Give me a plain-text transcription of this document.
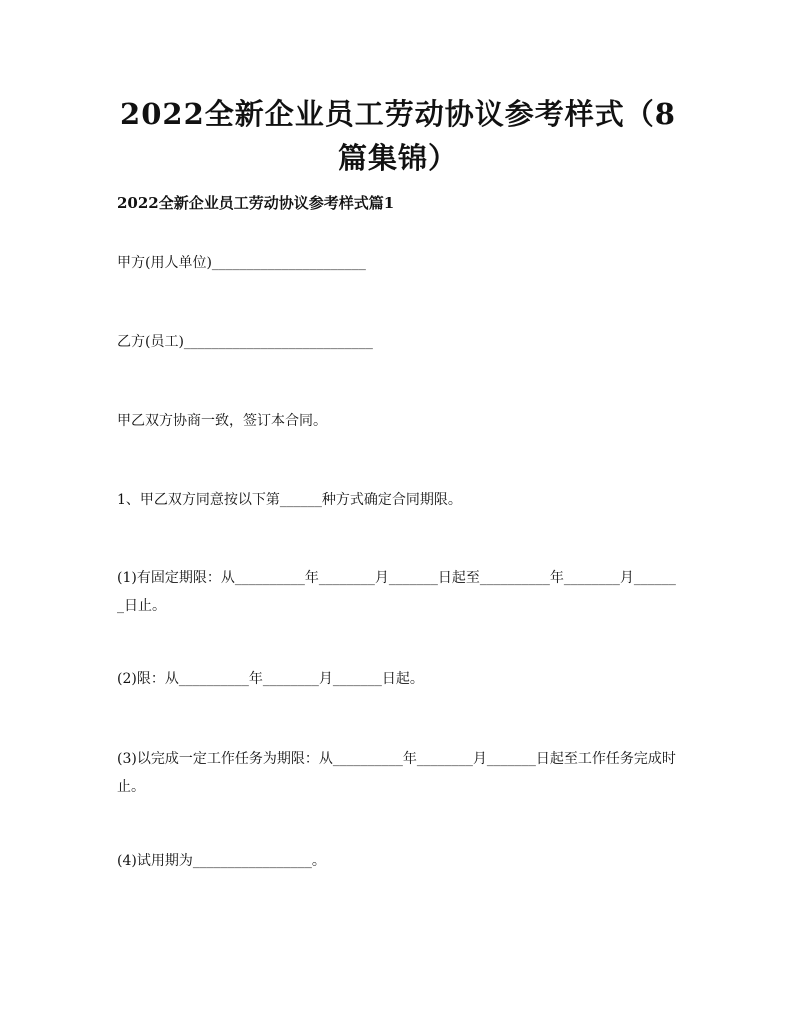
2022全新企业员工劳动协议参考样式（8篇集锦）
2022全新企业员工劳动协议参考样式篇1

甲方(用人单位)______________________

乙方(员工)___________________________

甲乙双方协商一致，签订本合同。

1、甲乙双方同意按以下第______种方式确定合同期限。

(1)有固定期限：从__________年________月_______日起至__________年________月_______日止。

(2)限：从__________年________月_______日起。

(3)以完成一定工作任务为期限：从__________年________月_______日起至工作任务完成时止。

(4)试用期为_________________。
